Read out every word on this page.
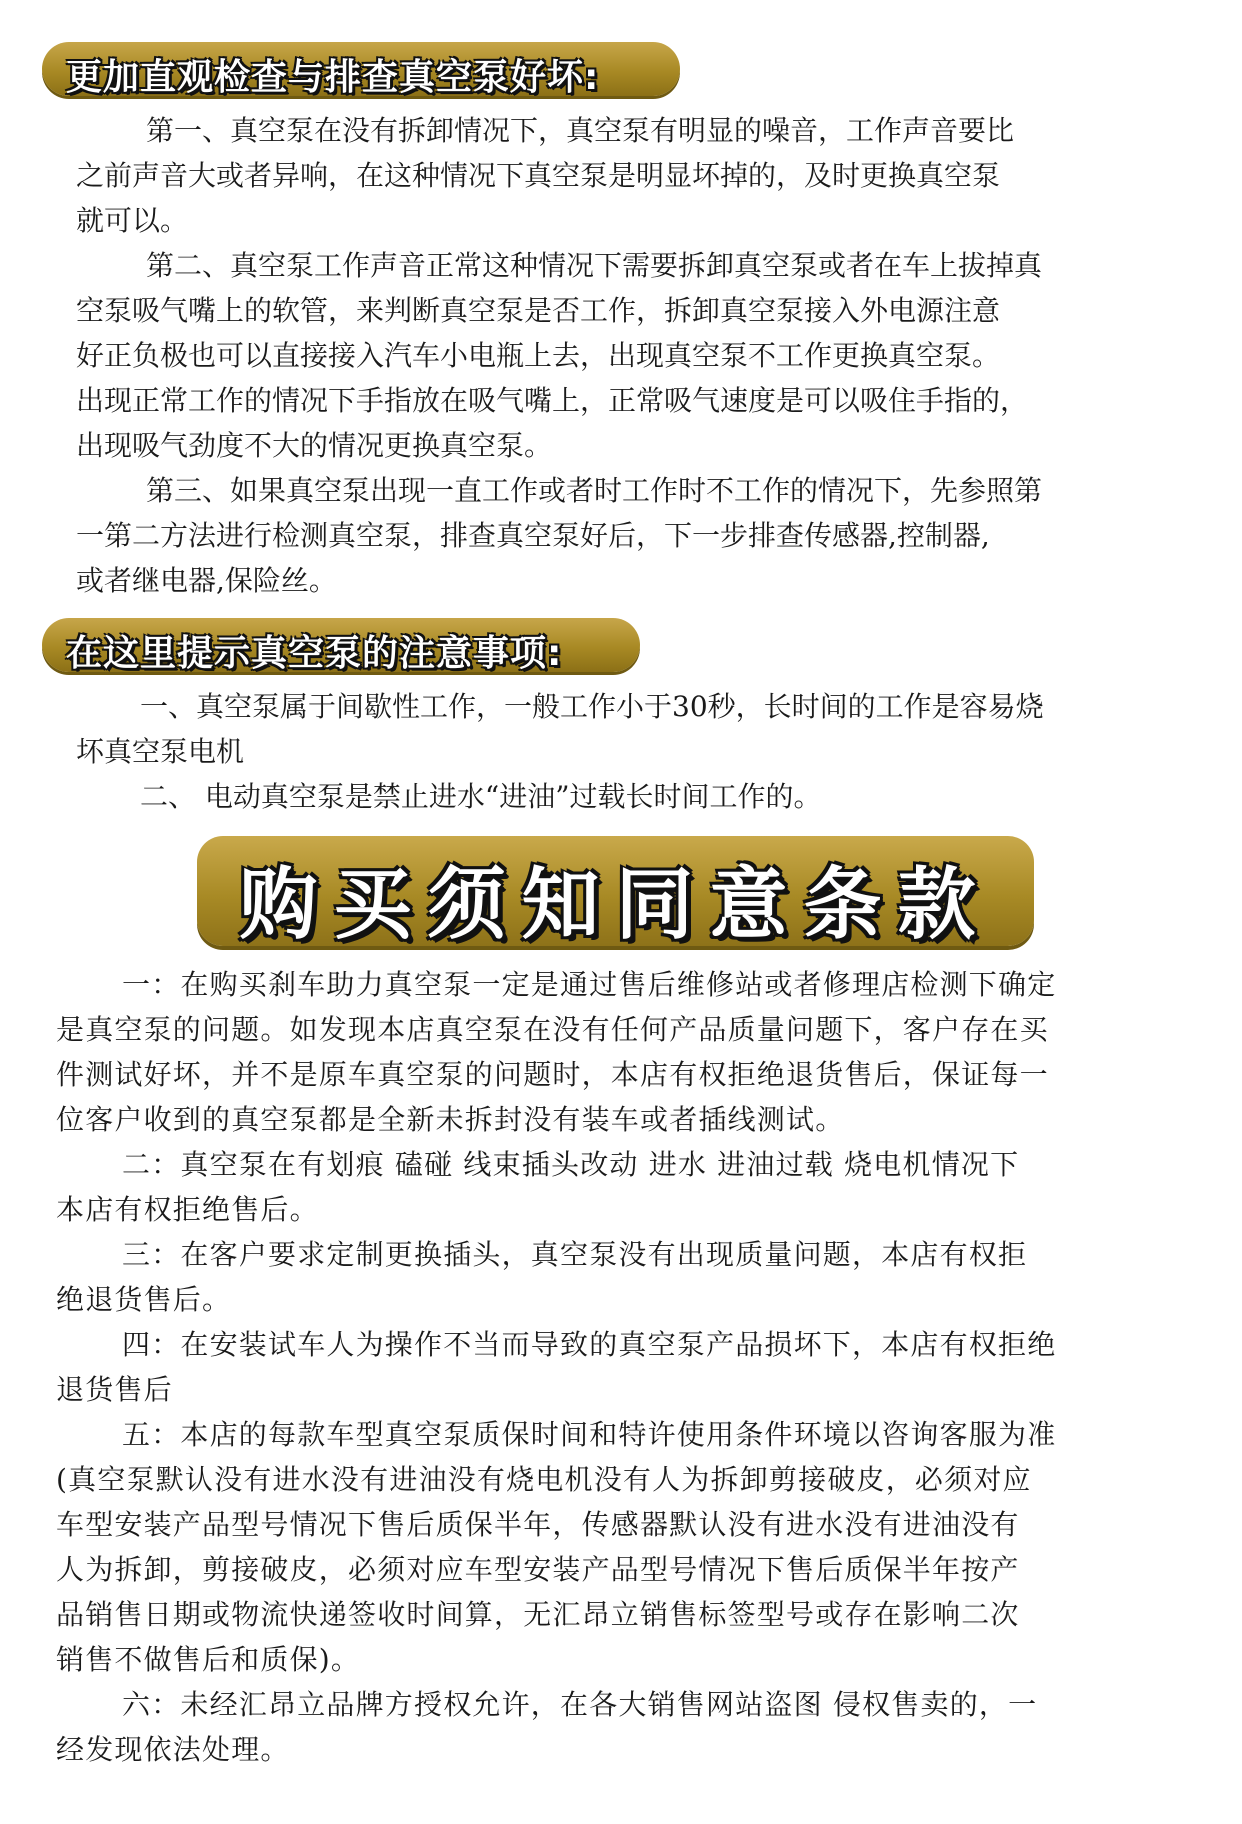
更加直观检查与排查真空泵好坏:
第一、真空泵在没有拆卸情况下，真空泵有明显的噪音，工作声音要比
之前声音大或者异响，在这种情况下真空泵是明显坏掉的，及时更换真空泵
就可以。
第二、真空泵工作声音正常这种情况下需要拆卸真空泵或者在车上拔掉真
空泵吸气嘴上的软管，来判断真空泵是否工作，拆卸真空泵接入外电源注意
好正负极也可以直接接入汽车小电瓶上去，出现真空泵不工作更换真空泵。
出现正常工作的情况下手指放在吸气嘴上，正常吸气速度是可以吸住手指的，
出现吸气劲度不大的情况更换真空泵。
第三、如果真空泵出现一直工作或者时工作时不工作的情况下，先参照第
一第二方法进行检测真空泵，排查真空泵好后，下一步排查传感器,控制器,
或者继电器,保险丝。
在这里提示真空泵的注意事项:
一、真空泵属于间歇性工作，一般工作小于30秒，长时间的工作是容易烧
坏真空泵电机
二、 电动真空泵是禁止进水“进油”过载长时间工作的。
购买须知同意条款
一：在购买刹车助力真空泵一定是通过售后维修站或者修理店检测下确定
是真空泵的问题。如发现本店真空泵在没有任何产品质量问题下，客户存在买
件测试好坏，并不是原车真空泵的问题时，本店有权拒绝退货售后，保证每一
位客户收到的真空泵都是全新未拆封没有装车或者插线测试。
二：真空泵在有划痕 磕碰 线束插头改动 进水 进油过载 烧电机情况下
本店有权拒绝售后。
三：在客户要求定制更换插头，真空泵没有出现质量问题，本店有权拒
绝退货售后。
四：在安装试车人为操作不当而导致的真空泵产品损坏下，本店有权拒绝
退货售后
五：本店的每款车型真空泵质保时间和特许使用条件环境以咨询客服为准
(真空泵默认没有进水没有进油没有烧电机没有人为拆卸剪接破皮，必须对应
车型安装产品型号情况下售后质保半年，传感器默认没有进水没有进油没有
人为拆卸，剪接破皮，必须对应车型安装产品型号情况下售后质保半年按产
品销售日期或物流快递签收时间算，无汇昂立销售标签型号或存在影响二次
销售不做售后和质保)。
六：未经汇昂立品牌方授权允许，在各大销售网站盗图 侵权售卖的，一
经发现依法处理。
